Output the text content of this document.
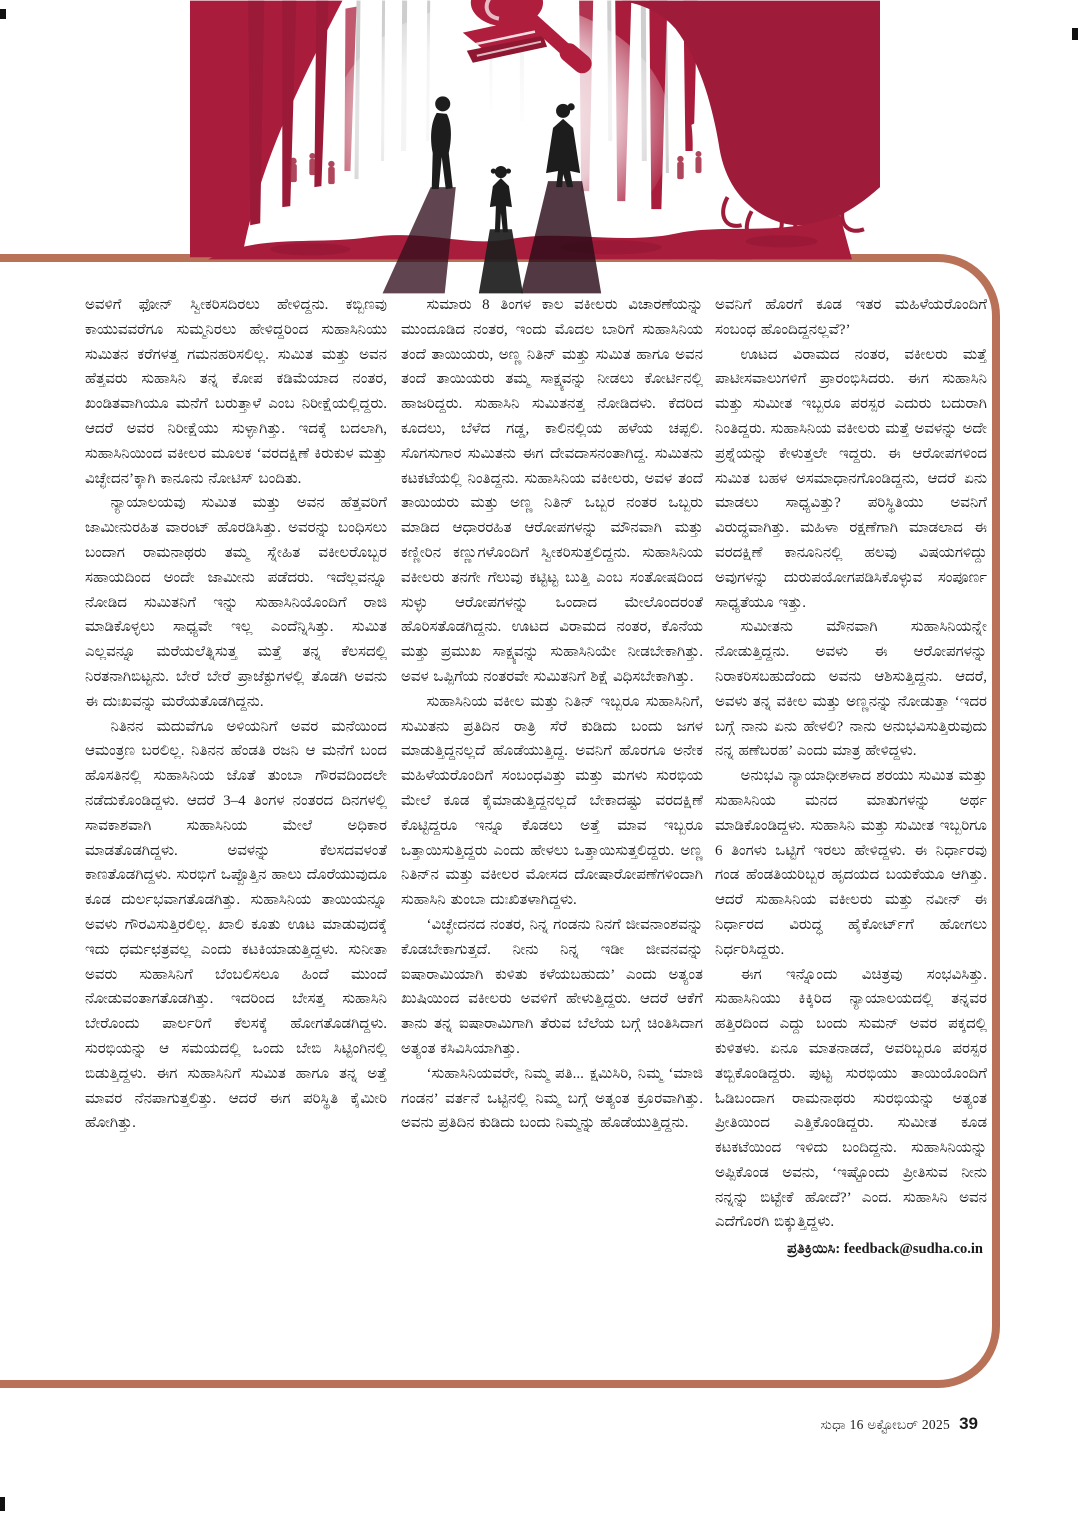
ಅವಳಿಗೆ ಫೋನ್ ಸ್ವೀಕರಿಸದಿರಲು ಹೇಳಿದ್ದನು. ಕಬ್ಬಿಣವು ಕಾಯುವವರೆಗೂ ಸುಮ್ಮನಿರಲು ಹೇಳಿದ್ದರಿಂದ ಸುಹಾಸಿನಿಯು ಸುಮಿತನ ಕರೆಗಳತ್ತ ಗಮನಹರಿಸಲಿಲ್ಲ. ಸುಮಿತ ಮತ್ತು ಅವನ ಹೆತ್ತವರು ಸುಹಾಸಿನಿ ತನ್ನ ಕೋಪ ಕಡಿಮೆಯಾದ ನಂತರ, ಖಂಡಿತವಾಗಿಯೂ ಮನೆಗೆ ಬರುತ್ತಾಳೆ ಎಂಬ ನಿರೀಕ್ಷೆಯಲ್ಲಿದ್ದರು. ಆದರೆ ಅವರ ನಿರೀಕ್ಷೆಯು ಸುಳ್ಳಾಗಿತ್ತು. ಇದಕ್ಕೆ ಬದಲಾಗಿ, ಸುಹಾಸಿನಿಯಿಂದ ವಕೀಲರ ಮೂಲಕ ‘ವರದಕ್ಷಿಣೆ ಕಿರುಕುಳ ಮತ್ತು ವಿಚ್ಛೇದನ’ಕ್ಕಾಗಿ ಕಾನೂನು ನೋಟಿಸ್ ಬಂದಿತು.

ನ್ಯಾಯಾಲಯವು ಸುಮಿತ ಮತ್ತು ಅವನ ಹೆತ್ತವರಿಗೆ ಜಾಮೀನುರಹಿತ ವಾರಂಟ್ ಹೊರಡಿಸಿತ್ತು. ಅವರನ್ನು ಬಂಧಿಸಲು ಬಂದಾಗ ರಾಮನಾಥರು ತಮ್ಮ ಸ್ನೇಹಿತ ವಕೀಲರೊಬ್ಬರ ಸಹಾಯದಿಂದ ಅಂದೇ ಜಾಮೀನು ಪಡೆದರು. ಇದೆಲ್ಲವನ್ನೂ ನೋಡಿದ ಸುಮಿತನಿಗೆ ಇನ್ನು ಸುಹಾಸಿನಿಯೊಂದಿಗೆ ರಾಜಿ ಮಾಡಿಕೊಳ್ಳಲು ಸಾಧ್ಯವೇ ಇಲ್ಲ ಎಂದೆನ್ನಿಸಿತ್ತು. ಸುಮಿತ ಎಲ್ಲವನ್ನೂ ಮರೆಯಲೆತ್ನಿಸುತ್ತ ಮತ್ತೆ ತನ್ನ ಕೆಲಸದಲ್ಲಿ ನಿರತನಾಗಿಬಿಟ್ಟನು. ಬೇರೆ ಬೇರೆ ಪ್ರಾಜೆಕ್ಟುಗಳಲ್ಲಿ ತೊಡಗಿ ಅವನು ಈ ದುಃಖವನ್ನು ಮರೆಯತೊಡಗಿದ್ದನು.

ನಿತಿನನ ಮದುವೆಗೂ ಅಳಿಯನಿಗೆ ಅವರ ಮನೆಯಿಂದ ಆಮಂತ್ರಣ ಬರಲಿಲ್ಲ. ನಿತಿನನ ಹೆಂಡತಿ ರಜನಿ ಆ ಮನೆಗೆ ಬಂದ ಹೊಸತಿನಲ್ಲಿ ಸುಹಾಸಿನಿಯ ಜೊತೆ ತುಂಬಾ ಗೌರವದಿಂದಲೇ ನಡೆದುಕೊಂಡಿದ್ದಳು. ಆದರೆ 3–4 ತಿಂಗಳ ನಂತರದ ದಿನಗಳಲ್ಲಿ ಸಾವಕಾಶವಾಗಿ ಸುಹಾಸಿನಿಯ ಮೇಲೆ ಅಧಿಕಾರ ಮಾಡತೊಡಗಿದ್ದಳು. ಅವಳನ್ನು ಕೆಲಸದವಳಂತೆ ಕಾಣತೊಡಗಿದ್ದಳು. ಸುರಭಿಗೆ ಒಪ್ಪೊತ್ತಿನ ಹಾಲು ದೊರೆಯುವುದೂ ಕೂಡ ದುರ್ಲಭವಾಗತೊಡಗಿತ್ತು. ಸುಹಾಸಿನಿಯ ತಾಯಿಯನ್ನೂ ಅವಳು ಗೌರವಿಸುತ್ತಿರಲಿಲ್ಲ. ಖಾಲಿ ಕೂತು ಊಟ ಮಾಡುವುದಕ್ಕೆ ಇದು ಧರ್ಮಛತ್ರವಲ್ಲ ಎಂದು ಕಟಕಿಯಾಡುತ್ತಿದ್ದಳು. ಸುನೀತಾ ಅವರು ಸುಹಾಸಿನಿಗೆ ಬೆಂಬಲಿಸಲೂ ಹಿಂದೆ ಮುಂದೆ ನೋಡುವಂತಾಗತೊಡಗಿತ್ತು. ಇದರಿಂದ ಬೇಸತ್ತ ಸುಹಾಸಿನಿ ಬೇರೊಂದು ಪಾರ್ಲರಿಗೆ ಕೆಲಸಕ್ಕೆ ಹೋಗತೊಡಗಿದ್ದಳು. ಸುರಭಿಯನ್ನು ಆ ಸಮಯದಲ್ಲಿ ಒಂದು ಬೇಬಿ ಸಿಟ್ಟಿಂಗಿನಲ್ಲಿ ಬಿಡುತ್ತಿದ್ದಳು. ಈಗ ಸುಹಾಸಿನಿಗೆ ಸುಮಿತ ಹಾಗೂ ತನ್ನ ಅತ್ತೆ ಮಾವರ ನೆನಪಾಗುತ್ತಲಿತ್ತು. ಆದರೆ ಈಗ ಪರಿಸ್ಥಿತಿ ಕೈಮೀರಿ ಹೋಗಿತ್ತು.

ಸುಮಾರು 8 ತಿಂಗಳ ಕಾಲ ವಕೀಲರು ವಿಚಾರಣೆಯನ್ನು ಮುಂದೂಡಿದ ನಂತರ, ಇಂದು ಮೊದಲ ಬಾರಿಗೆ ಸುಹಾಸಿನಿಯ ತಂದೆ ತಾಯಿಯರು, ಅಣ್ಣ ನಿತಿನ್ ಮತ್ತು ಸುಮಿತ ಹಾಗೂ ಅವನ ತಂದೆ ತಾಯಿಯರು ತಮ್ಮ ಸಾಕ್ಷ್ಯವನ್ನು ನೀಡಲು ಕೋರ್ಟಿನಲ್ಲಿ ಹಾಜರಿದ್ದರು. ಸುಹಾಸಿನಿ ಸುಮಿತನತ್ತ ನೋಡಿದಳು. ಕೆದರಿದ ಕೂದಲು, ಬೆಳೆದ ಗಡ್ಡ, ಕಾಲಿನಲ್ಲಿಯ ಹಳೆಯ ಚಪ್ಪಲಿ. ಸೊಗಸುಗಾರ ಸುಮಿತನು ಈಗ ದೇವದಾಸನಂತಾಗಿದ್ದ. ಸುಮಿತನು ಕಟಕಟೆಯಲ್ಲಿ ನಿಂತಿದ್ದನು. ಸುಹಾಸಿನಿಯ ವಕೀಲರು, ಅವಳ ತಂದೆ ತಾಯಿಯರು ಮತ್ತು ಅಣ್ಣ ನಿತಿನ್ ಒಬ್ಬರ ನಂತರ ಒಬ್ಬರು ಮಾಡಿದ ಆಧಾರರಹಿತ ಆರೋಪಗಳನ್ನು ಮೌನವಾಗಿ ಮತ್ತು ಕಣ್ಣೀರಿನ ಕಣ್ಣುಗಳೊಂದಿಗೆ ಸ್ವೀಕರಿಸುತ್ತಲಿದ್ದನು. ಸುಹಾಸಿನಿಯ ವಕೀಲರು ತನಗೇ ಗೆಲುವು ಕಟ್ಟಿಟ್ಟ ಬುತ್ತಿ ಎಂಬ ಸಂತೋಷದಿಂದ ಸುಳ್ಳು ಆರೋಪಗಳನ್ನು ಒಂದಾದ ಮೇಲೊಂದರಂತೆ ಹೊರಿಸತೊಡಗಿದ್ದನು. ಊಟದ ವಿರಾಮದ ನಂತರ, ಕೊನೆಯ ಮತ್ತು ಪ್ರಮುಖ ಸಾಕ್ಷ್ಯವನ್ನು ಸುಹಾಸಿನಿಯೇ ನೀಡಬೇಕಾಗಿತ್ತು. ಅವಳ ಒಪ್ಪಿಗೆಯ ನಂತರವೇ ಸುಮಿತನಿಗೆ ಶಿಕ್ಷೆ ವಿಧಿಸಬೇಕಾಗಿತ್ತು.

ಸುಹಾಸಿನಿಯ ವಕೀಲ ಮತ್ತು ನಿತಿನ್ ಇಬ್ಬರೂ ಸುಹಾಸಿನಿಗೆ, ಸುಮಿತನು ಪ್ರತಿದಿನ ರಾತ್ರಿ ಸೆರೆ ಕುಡಿದು ಬಂದು ಜಗಳ ಮಾಡುತ್ತಿದ್ದನಲ್ಲದೆ ಹೊಡೆಯುತ್ತಿದ್ದ. ಅವನಿಗೆ ಹೊರಗೂ ಅನೇಕ ಮಹಿಳೆಯರೊಂದಿಗೆ ಸಂಬಂಧವಿತ್ತು ಮತ್ತು ಮಗಳು ಸುರಭಿಯ ಮೇಲೆ ಕೂಡ ಕೈಮಾಡುತ್ತಿದ್ದನಲ್ಲದೆ ಬೇಕಾದಷ್ಟು ವರದಕ್ಷಿಣೆ ಕೊಟ್ಟಿದ್ದರೂ ಇನ್ನೂ ಕೊಡಲು ಅತ್ತೆ ಮಾವ ಇಬ್ಬರೂ ಒತ್ತಾಯಿಸುತ್ತಿದ್ದರು ಎಂದು ಹೇಳಲು ಒತ್ತಾಯಿಸುತ್ತಲಿದ್ದರು. ಅಣ್ಣ ನಿತಿನ್‌ನ ಮತ್ತು ವಕೀಲರ ಮೋಸದ ದೋಷಾರೋಪಣೆಗಳಿಂದಾಗಿ ಸುಹಾಸಿನಿ ತುಂಬಾ ದುಃಖಿತಳಾಗಿದ್ದಳು.

‘ವಿಚ್ಛೇದನದ ನಂತರ, ನಿನ್ನ ಗಂಡನು ನಿನಗೆ ಜೀವನಾಂಶವನ್ನು ಕೊಡಬೇಕಾಗುತ್ತದೆ. ನೀನು ನಿನ್ನ ಇಡೀ ಜೀವನವನ್ನು ಐಷಾರಾಮಿಯಾಗಿ ಕುಳಿತು ಕಳೆಯಬಹುದು’ ಎಂದು ಅತ್ಯಂತ ಖುಷಿಯಿಂದ ವಕೀಲರು ಅವಳಿಗೆ ಹೇಳುತ್ತಿದ್ದರು. ಆದರೆ ಆಕೆಗೆ ತಾನು ತನ್ನ ಐಷಾರಾಮಿಗಾಗಿ ತೆರುವ ಬೆಲೆಯ ಬಗ್ಗೆ ಚಿಂತಿಸಿದಾಗ ಅತ್ಯಂತ ಕಸಿವಿಸಿಯಾಗಿತ್ತು.

‘ಸುಹಾಸಿನಿಯವರೇ, ನಿಮ್ಮ ಪತಿ... ಕ್ಷಮಿಸಿರಿ, ನಿಮ್ಮ ‘ಮಾಜಿ ಗಂಡನ’ ವರ್ತನೆ ಒಟ್ಟಿನಲ್ಲಿ ನಿಮ್ಮ ಬಗ್ಗೆ ಅತ್ಯಂತ ಕ್ರೂರವಾಗಿತ್ತು. ಅವನು ಪ್ರತಿದಿನ ಕುಡಿದು ಬಂದು ನಿಮ್ಮನ್ನು ಹೊಡೆಯುತ್ತಿದ್ದನು.

ಅವನಿಗೆ ಹೊರಗೆ ಕೂಡ ಇತರ ಮಹಿಳೆಯರೊಂದಿಗೆ ಸಂಬಂಧ ಹೊಂದಿದ್ದನಲ್ಲವೆ?’

ಊಟದ ವಿರಾಮದ ನಂತರ, ವಕೀಲರು ಮತ್ತೆ ಪಾಟೀಸವಾಲುಗಳಿಗೆ ಪ್ರಾರಂಭಿಸಿದರು. ಈಗ ಸುಹಾಸಿನಿ ಮತ್ತು ಸುಮೀತ ಇಬ್ಬರೂ ಪರಸ್ಪರ ಎದುರು ಬದುರಾಗಿ ನಿಂತಿದ್ದರು. ಸುಹಾಸಿನಿಯ ವಕೀಲರು ಮತ್ತೆ ಅವಳನ್ನು ಅದೇ ಪ್ರಶ್ನೆಯನ್ನು ಕೇಳುತ್ತಲೇ ಇದ್ದರು. ಈ ಆರೋಪಗಳಿಂದ ಸುಮಿತ ಬಹಳ ಅಸಮಾಧಾನಗೊಂಡಿದ್ದನು, ಆದರೆ ಏನು ಮಾಡಲು ಸಾಧ್ಯವಿತ್ತು? ಪರಿಸ್ಥಿತಿಯು ಅವನಿಗೆ ವಿರುದ್ಧವಾಗಿತ್ತು. ಮಹಿಳಾ ರಕ್ಷಣೆಗಾಗಿ ಮಾಡಲಾದ ಈ ವರದಕ್ಷಿಣೆ ಕಾನೂನಿನಲ್ಲಿ ಹಲವು ವಿಷಯಗಳಿದ್ದು ಅವುಗಳನ್ನು ದುರುಪಯೋಗಪಡಿಸಿಕೊಳ್ಳುವ ಸಂಪೂರ್ಣ ಸಾಧ್ಯತೆಯೂ ಇತ್ತು.

ಸುಮೀತನು ಮೌನವಾಗಿ ಸುಹಾಸಿನಿಯನ್ನೇ ನೋಡುತ್ತಿದ್ದನು. ಅವಳು ಈ ಆರೋಪಗಳನ್ನು ನಿರಾಕರಿಸಬಹುದೆಂದು ಅವನು ಆಶಿಸುತ್ತಿದ್ದನು. ಆದರೆ, ಅವಳು ತನ್ನ ವಕೀಲ ಮತ್ತು ಅಣ್ಣನನ್ನು ನೋಡುತ್ತಾ ‘ಇದರ ಬಗ್ಗೆ ನಾನು ಏನು ಹೇಳಲಿ? ನಾನು ಅನುಭವಿಸುತ್ತಿರುವುದು ನನ್ನ ಹಣೆಬರಹ’ ಎಂದು ಮಾತ್ರ ಹೇಳಿದ್ದಳು.

ಅನುಭವಿ ನ್ಯಾಯಾಧೀಶಳಾದ ಶರಯು ಸುಮಿತ ಮತ್ತು ಸುಹಾಸಿನಿಯ ಮನದ ಮಾತುಗಳನ್ನು ಅರ್ಥ ಮಾಡಿಕೊಂಡಿದ್ದಳು. ಸುಹಾಸಿನಿ ಮತ್ತು ಸುಮೀತ ಇಬ್ಬರಿಗೂ 6 ತಿಂಗಳು ಒಟ್ಟಿಗೆ ಇರಲು ಹೇಳಿದ್ದಳು. ಈ ನಿರ್ಧಾರವು ಗಂಡ ಹೆಂಡತಿಯರಿಬ್ಬರ ಹೃದಯದ ಬಯಕೆಯೂ ಆಗಿತ್ತು. ಆದರೆ ಸುಹಾಸಿನಿಯ ವಕೀಲರು ಮತ್ತು ನವೀನ್ ಈ ನಿರ್ಧಾರದ ವಿರುದ್ಧ ಹೈಕೋರ್ಟ್‌ಗೆ ಹೋಗಲು ನಿರ್ಧರಿಸಿದ್ದರು.

ಈಗ ಇನ್ನೊಂದು ವಿಚಿತ್ರವು ಸಂಭವಿಸಿತ್ತು. ಸುಹಾಸಿನಿಯು ಕಿಕ್ಕಿರಿದ ನ್ಯಾಯಾಲಯದಲ್ಲಿ ತನ್ನವರ ಹತ್ತಿರದಿಂದ ಎದ್ದು ಬಂದು ಸುಮನ್ ಅವರ ಪಕ್ಕದಲ್ಲಿ ಕುಳಿತಳು. ಏನೂ ಮಾತನಾಡದೆ, ಅವರಿಬ್ಬರೂ ಪರಸ್ಪರ ತಬ್ಬಿಕೊಂಡಿದ್ದರು. ಪುಟ್ಟ ಸುರಭಿಯು ತಾಯಿಯೊಂದಿಗೆ ಓಡಿಬಂದಾಗ ರಾಮನಾಥರು ಸುರಭಿಯನ್ನು ಅತ್ಯಂತ ಪ್ರೀತಿಯಿಂದ ಎತ್ತಿಕೊಂಡಿದ್ದರು. ಸುಮೀತ ಕೂಡ ಕಟಕಟೆಯಿಂದ ಇಳಿದು ಬಂದಿದ್ದನು. ಸುಹಾಸಿನಿಯನ್ನು ಅಪ್ಪಿಕೊಂಡ ಅವನು, ‘ಇಷ್ಟೊಂದು ಪ್ರೀತಿಸುವ ನೀನು ನನ್ನನ್ನು ಬಿಟ್ಟೇಕೆ ಹೋದೆ?’ ಎಂದ. ಸುಹಾಸಿನಿ ಅವನ ಎದೆಗೊರಗಿ ಬಿಕ್ಕುತ್ತಿದ್ದಳು.

ಪ್ರತಿಕ್ರಿಯಿಸಿ: feedback@sudha.co.in

ಸುಧಾ 16 ಅಕ್ಟೋಬರ್ 2025 39
